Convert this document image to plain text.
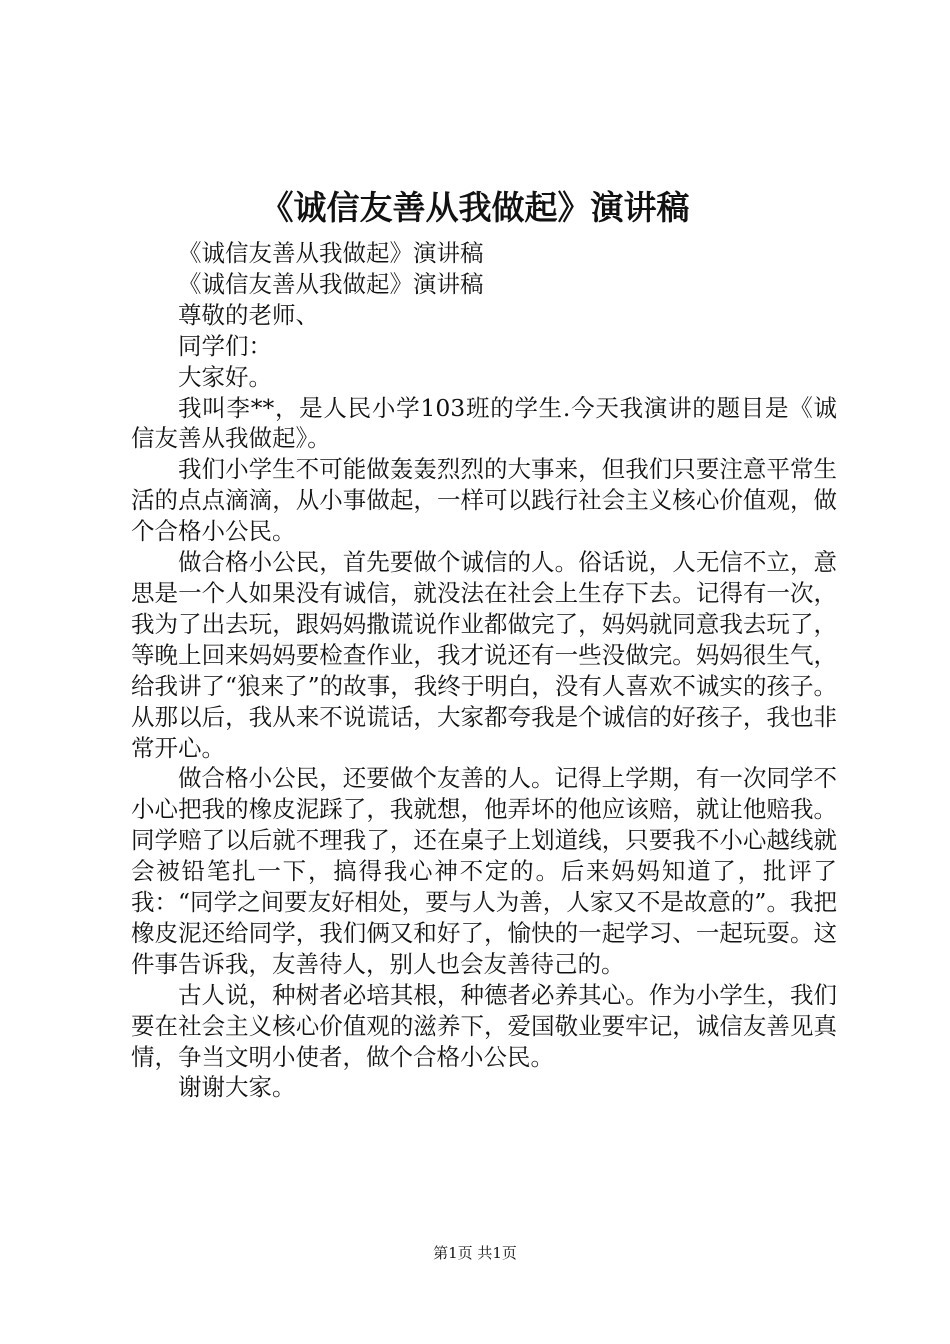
《诚信友善从我做起》演讲稿

《诚信友善从我做起》演讲稿

《诚信友善从我做起》演讲稿

尊敬的老师、

同学们：

大家好。

我叫李**，是人民小学103班的学生.今天我演讲的题目是《诚信友善从我做起》。

我们小学生不可能做轰轰烈烈的大事来，但我们只要注意平常生活的点点滴滴，从小事做起，一样可以践行社会主义核心价值观，做个合格小公民。

做合格小公民，首先要做个诚信的人。俗话说，人无信不立，意思是一个人如果没有诚信，就没法在社会上生存下去。记得有一次，我为了出去玩，跟妈妈撒谎说作业都做完了，妈妈就同意我去玩了，等晚上回来妈妈要检查作业，我才说还有一些没做完。妈妈很生气，给我讲了“狼来了”的故事，我终于明白，没有人喜欢不诚实的孩子。从那以后，我从来不说谎话，大家都夸我是个诚信的好孩子，我也非常开心。

做合格小公民，还要做个友善的人。记得上学期，有一次同学不小心把我的橡皮泥踩了，我就想，他弄坏的他应该赔，就让他赔我。同学赔了以后就不理我了，还在桌子上划道线，只要我不小心越线就会被铅笔扎一下，搞得我心神不定的。后来妈妈知道了，批评了我：“同学之间要友好相处，要与人为善，人家又不是故意的”。我把橡皮泥还给同学，我们俩又和好了，愉快的一起学习、一起玩耍。这件事告诉我，友善待人，别人也会友善待己的。

古人说，种树者必培其根，种德者必养其心。作为小学生，我们要在社会主义核心价值观的滋养下，爱国敬业要牢记，诚信友善见真情，争当文明小使者，做个合格小公民。

谢谢大家。

第1页 共1页
